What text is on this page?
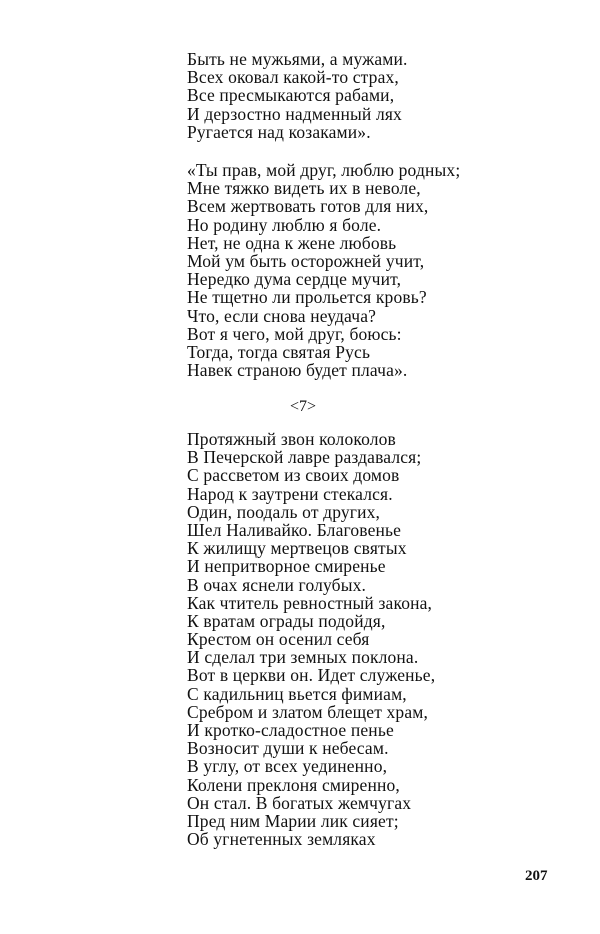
Быть не мужьями, а мужами.
Всех оковал какой-то страх,
Все пресмыкаются рабами,
И дерзостно надменный лях
Ругается над козаками».
«Ты прав, мой друг, люблю родных;
Мне тяжко видеть их в неволе,
Всем жертвовать готов для них,
Но родину люблю я боле.
Нет, не одна к жене любовь
Мой ум быть осторожней учит,
Нередко дума сердце мучит,
Не тщетно ли прольется кровь?
Что, если снова неудача?
Вот я чего, мой друг, боюсь:
Тогда, тогда святая Русь
Навек страною будет плача».
<7>
Протяжный звон колоколов
В Печерской лавре раздавался;
С рассветом из своих домов
Народ к заутрени стекался.
Один, поодаль от других,
Шел Наливайко. Благовенье
К жилищу мертвецов святых
И непритворное смиренье
В очах яснели голубых.
Как чтитель ревностный закона,
К вратам ограды подойдя,
Крестом он осенил себя
И сделал три земных поклона.
Вот в церкви он. Идет служенье,
С кадильниц вьется фимиам,
Сребром и златом блещет храм,
И кротко-сладостное пенье
Возносит души к небесам.
В углу, от всех уединенно,
Колени преклоня смиренно,
Он стал. В богатых жемчугах
Пред ним Марии лик сияет;
Об угнетенных земляках
207
